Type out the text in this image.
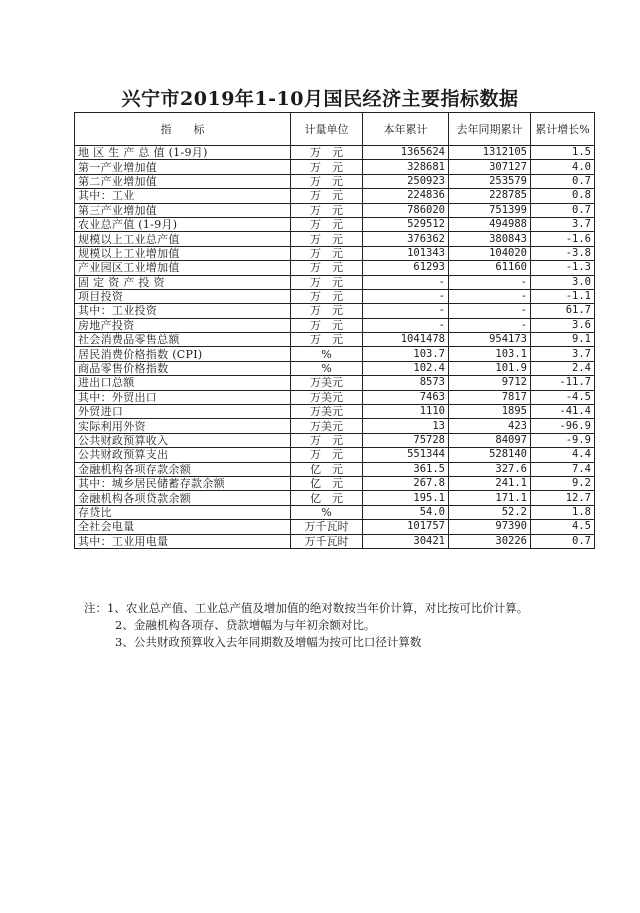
兴宁市2019年1-10月国民经济主要指标数据
指　　标	计量单位	本年累计	去年同期累计	累计增长%
地 区 生 产 总 值 (1-9月)	万　元	1365624	1312105	1.5
第一产业增加值	万　元	328681	307127	4.0
第二产业增加值	万　元	250923	253579	0.7
其中：工业	万　元	224836	228785	0.8
第三产业增加值	万　元	786020	751399	0.7
农业总产值 (1-9月)	万　元	529512	494988	3.7
规模以上工业总产值	万　元	376362	380843	-1.6
规模以上工业增加值	万　元	101343	104020	-3.8
产业园区工业增加值	万　元	61293	61160	-1.3
固 定 资 产 投 资	万　元	-	-	3.0
项目投资	万　元	-	-	-1.1
其中：工业投资	万　元	-	-	61.7
房地产投资	万　元	-	-	3.6
社会消费品零售总额	万　元	1041478	954173	9.1
居民消费价格指数 (CPI)	%	103.7	103.1	3.7
商品零售价格指数	%	102.4	101.9	2.4
进出口总额	万美元	8573	9712	-11.7
其中：外贸出口	万美元	7463	7817	-4.5
外贸进口	万美元	1110	1895	-41.4
实际利用外资	万美元	13	423	-96.9
公共财政预算收入	万　元	75728	84097	-9.9
公共财政预算支出	万　元	551344	528140	4.4
金融机构各项存款余额	亿　元	361.5	327.6	7.4
其中：城乡居民储蓄存款余额	亿　元	267.8	241.1	9.2
金融机构各项贷款余额	亿　元	195.1	171.1	12.7
存贷比	%	54.0	52.2	1.8
全社会电量	万千瓦时	101757	97390	4.5
其中：工业用电量	万千瓦时	30421	30226	0.7
注：1、农业总产值、工业总产值及增加值的绝对数按当年价计算，对比按可比价计算。
2、金融机构各项存、贷款增幅为与年初余额对比。
3、公共财政预算收入去年同期数及增幅为按可比口径计算数
